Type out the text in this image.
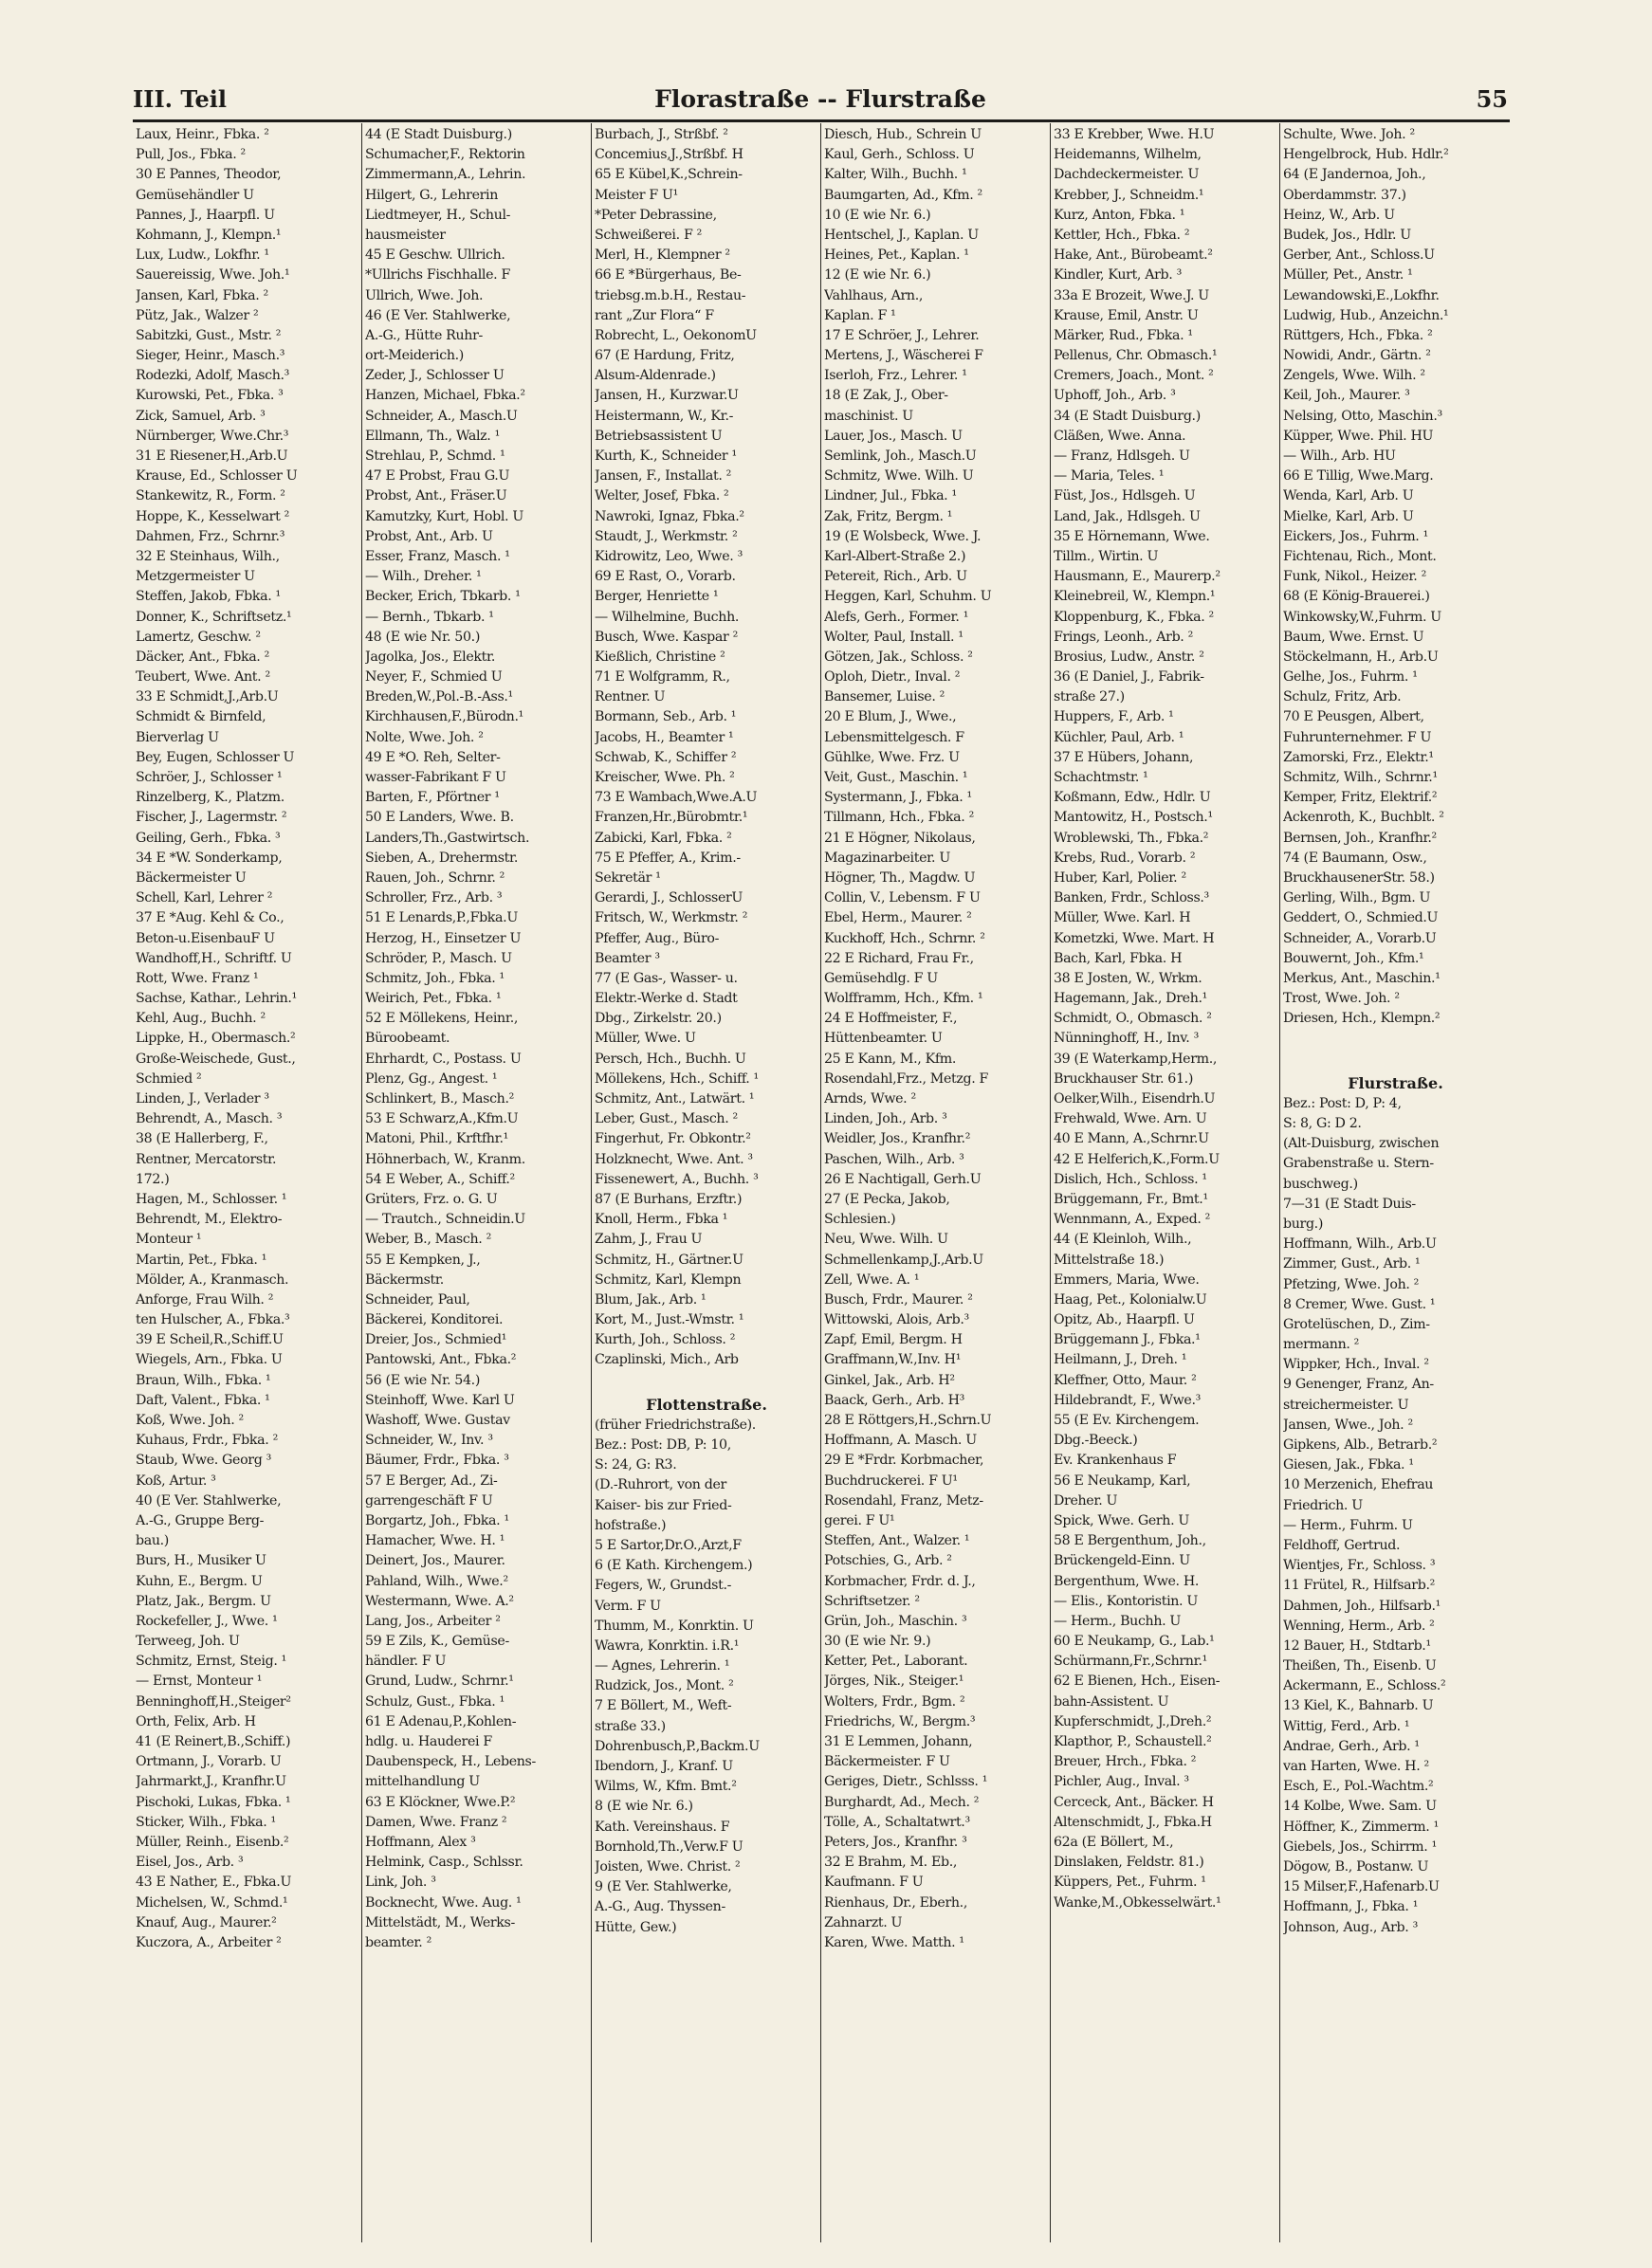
III. Teil	Florastraße -- Flurstraße	55
Laux, Heinr., Fbka. ²
Pull, Jos., Fbka. ²
30 E Pannes, Theodor,
Gemüsehändler U
Pannes, J., Haarpfl. U
Kohmann, J., Klempn.¹
Lux, Ludw., Lokfhr. ¹
Sauereissig, Wwe. Joh.¹
Jansen, Karl, Fbka. ²
Pütz, Jak., Walzer ²
Sabitzki, Gust., Mstr. ²
Sieger, Heinr., Masch.³
Rodezki, Adolf, Masch.³
Kurowski, Pet., Fbka. ³
Zick, Samuel, Arb. ³
Nürnberger, Wwe.Chr.³
31 E Riesener,H.,Arb.U
Krause, Ed., Schlosser U
Stankewitz, R., Form. ²
Hoppe, K., Kesselwart ²
Dahmen, Frz., Schrnr.³
32 E Steinhaus, Wilh.,
Metzgermeister U
Steffen, Jakob, Fbka. ¹
Donner, K., Schriftsetz.¹
Lamertz, Geschw. ²
Däcker, Ant., Fbka. ²
Teubert, Wwe. Ant. ²
33 E Schmidt,J.,Arb.U
Schmidt & Birnfeld,
Bierverlag U
Bey, Eugen, Schlosser U
Schröer, J., Schlosser ¹
Rinzelberg, K., Platzm.
Fischer, J., Lagermstr. ²
Geiling, Gerh., Fbka. ³
34 E *W. Sonderkamp,
Bäckermeister U
Schell, Karl, Lehrer ²
37 E *Aug. Kehl & Co.,
Beton-u.EisenbauF U
Wandhoff,H., Schriftf. U
Rott, Wwe. Franz ¹
Sachse, Kathar., Lehrin.¹
Kehl, Aug., Buchh. ²
Lippke, H., Obermasch.²
Große-Weischede, Gust.,
Schmied ²
Linden, J., Verlader ³
Behrendt, A., Masch. ³
38 (E Hallerberg, F.,
Rentner, Mercatorstr.
172.)
Hagen, M., Schlosser. ¹
Behrendt, M., Elektro-
Monteur ¹
Martin, Pet., Fbka. ¹
Mölder, A., Kranmasch.
Anforge, Frau Wilh. ²
ten Hulscher, A., Fbka.³
39 E Scheil,R.,Schiff.U
Wiegels, Arn., Fbka. U
Braun, Wilh., Fbka. ¹
Daft, Valent., Fbka. ¹
Koß, Wwe. Joh. ²
Kuhaus, Frdr., Fbka. ²
Staub, Wwe. Georg ³
Koß, Artur. ³
40 (E Ver. Stahlwerke,
A.-G., Gruppe Berg-
bau.)
Burs, H., Musiker U
Kuhn, E., Bergm. U
Platz, Jak., Bergm. U
Rockefeller, J., Wwe. ¹
Terweeg, Joh. U
Schmitz, Ernst, Steig. ¹
— Ernst, Monteur ¹
Benninghoff,H.,Steiger²
Orth, Felix, Arb. H
41 (E Reinert,B.,Schiff.)
Ortmann, J., Vorarb. U
Jahrmarkt,J., Kranfhr.U
Pischoki, Lukas, Fbka. ¹
Sticker, Wilh., Fbka. ¹
Müller, Reinh., Eisenb.²
Eisel, Jos., Arb. ³
43 E Nather, E., Fbka.U
Michelsen, W., Schmd.¹
Knauf, Aug., Maurer.²
Kuczora, A., Arbeiter ²
44 (E Stadt Duisburg.)
Schumacher,F., Rektorin
Zimmermann,A., Lehrin.
Hilgert, G., Lehrerin
Liedtmeyer, H., Schul-
hausmeister
45 E Geschw. Ullrich.
*Ullrichs Fischhalle. F
Ullrich, Wwe. Joh.
46 (E Ver. Stahlwerke,
A.-G., Hütte Ruhr-
ort-Meiderich.)
Zeder, J., Schlosser U
Hanzen, Michael, Fbka.²
Schneider, A., Masch.U
Ellmann, Th., Walz. ¹
Strehlau, P., Schmd. ¹
47 E Probst, Frau G.U
Probst, Ant., Fräser.U
Kamutzky, Kurt, Hobl. U
Probst, Ant., Arb. U
Esser, Franz, Masch. ¹
— Wilh., Dreher. ¹
Becker, Erich, Tbkarb. ¹
— Bernh., Tbkarb. ¹
48 (E wie Nr. 50.)
Jagolka, Jos., Elektr.
Neyer, F., Schmied U
Breden,W.,Pol.-B.-Ass.¹
Kirchhausen,F.,Bürodn.¹
Nolte, Wwe. Joh. ²
49 E *O. Reh, Selter-
wasser-Fabrikant F U
Barten, F., Pförtner ¹
50 E Landers, Wwe. B.
Landers,Th.,Gastwirtsch.
Sieben, A., Drehermstr.
Rauen, Joh., Schrnr. ²
Schroller, Frz., Arb. ³
51 E Lenards,P.,Fbka.U
Herzog, H., Einsetzer U
Schröder, P., Masch. U
Schmitz, Joh., Fbka. ¹
Weirich, Pet., Fbka. ¹
52 E Möllekens, Heinr.,
Büroobeamt.
Ehrhardt, C., Postass. U
Plenz, Gg., Angest. ¹
Schlinkert, B., Masch.²
53 E Schwarz,A.,Kfm.U
Matoni, Phil., Krftfhr.¹
Höhnerbach, W., Kranm.
54 E Weber, A., Schiff.²
Grüters, Frz. o. G. U
— Trautch., Schneidin.U
Weber, B., Masch. ²
55 E Kempken, J.,
Bäckermstr.
Schneider, Paul,
Bäckerei, Konditorei.
Dreier, Jos., Schmied¹
Pantowski, Ant., Fbka.²
56 (E wie Nr. 54.)
Steinhoff, Wwe. Karl U
Washoff, Wwe. Gustav
Schneider, W., Inv. ³
Bäumer, Frdr., Fbka. ³
57 E Berger, Ad., Zi-
garrengeschäft F U
Borgartz, Joh., Fbka. ¹
Hamacher, Wwe. H. ¹
Deinert, Jos., Maurer.
Pahland, Wilh., Wwe.²
Westermann, Wwe. A.²
Lang, Jos., Arbeiter ²
59 E Zils, K., Gemüse-
händler. F U
Grund, Ludw., Schrnr.¹
Schulz, Gust., Fbka. ¹
61 E Adenau,P.,Kohlen-
hdlg. u. Hauderei F
Daubenspeck, H., Lebens-
mittelhandlung U
63 E Klöckner, Wwe.P.²
Damen, Wwe. Franz ²
Hoffmann, Alex ³
Helmink, Casp., Schlssr.
Link, Joh. ³
Bocknecht, Wwe. Aug. ¹
Mittelstädt, M., Werks-
beamter. ²
Burbach, J., Strßbf. ²
Concemius,J.,Strßbf. H
65 E Kübel,K.,Schrein-
Meister F U¹
*Peter Debrassine,
Schweißerei. F ²
Merl, H., Klempner ²
66 E *Bürgerhaus, Be-
triebsg.m.b.H., Restau-
rant „Zur Flora“ F
Robrecht, L., OekonomU
67 (E Hardung, Fritz,
Alsum-Aldenrade.)
Jansen, H., Kurzwar.U
Heistermann, W., Kr.-
Betriebsassistent U
Kurth, K., Schneider ¹
Jansen, F., Installat. ²
Welter, Josef, Fbka. ²
Nawroki, Ignaz, Fbka.²
Staudt, J., Werkmstr. ²
Kidrowitz, Leo, Wwe. ³
69 E Rast, O., Vorarb.
Berger, Henriette ¹
— Wilhelmine, Buchh.
Busch, Wwe. Kaspar ²
Kießlich, Christine ²
71 E Wolfgramm, R.,
Rentner. U
Bormann, Seb., Arb. ¹
Jacobs, H., Beamter ¹
Schwab, K., Schiffer ²
Kreischer, Wwe. Ph. ²
73 E Wambach,Wwe.A.U
Franzen,Hr.,Bürobmtr.¹
Zabicki, Karl, Fbka. ²
75 E Pfeffer, A., Krim.-
Sekretär ¹
Gerardi, J., SchlosserU
Fritsch, W., Werkmstr. ²
Pfeffer, Aug., Büro-
Beamter ³
77 (E Gas-, Wasser- u.
Elektr.-Werke d. Stadt
Dbg., Zirkelstr. 20.)
Müller, Wwe. U
Persch, Hch., Buchh. U
Möllekens, Hch., Schiff. ¹
Schmitz, Ant., Latwärt. ¹
Leber, Gust., Masch. ²
Fingerhut, Fr. Obkontr.²
Holzknecht, Wwe. Ant. ³
Fissenewert, A., Buchh. ³
87 (E Burhans, Erzftr.)
Knoll, Herm., Fbka ¹
Zahm, J., Frau U
Schmitz, H., Gärtner.U
Schmitz, Karl, Klempn
Blum, Jak., Arb. ¹
Kort, M., Just.-Wmstr. ¹
Kurth, Joh., Schloss. ²
Czaplinski, Mich., Arb
Flottenstraße.
(früher Friedrichstraße).
Bez.: Post: DB, P: 10,
S: 24, G: R3.
(D.-Ruhrort, von der
Kaiser- bis zur Fried-
hofstraße.)
5 E Sartor,Dr.O.,Arzt,F
6 (E Kath. Kirchengem.)
Fegers, W., Grundst.-
Verm. F U
Thumm, M., Konrktin. U
Wawra, Konrktin. i.R.¹
— Agnes, Lehrerin. ¹
Rudzick, Jos., Mont. ²
7 E Böllert, M., Weft-
straße 33.)
Dohrenbusch,P.,Backm.U
Ibendorn, J., Kranf. U
Wilms, W., Kfm. Bmt.²
8 (E wie Nr. 6.)
Kath. Vereinshaus. F
Bornhold,Th.,Verw.F U
Joisten, Wwe. Christ. ²
9 (E Ver. Stahlwerke,
A.-G., Aug. Thyssen-
Hütte, Gew.)
Diesch, Hub., Schrein U
Kaul, Gerh., Schloss. U
Kalter, Wilh., Buchh. ¹
Baumgarten, Ad., Kfm. ²
10 (E wie Nr. 6.)
Hentschel, J., Kaplan. U
Heines, Pet., Kaplan. ¹
12 (E wie Nr. 6.)
Vahlhaus, Arn.,
Kaplan. F ¹
17 E Schröer, J., Lehrer.
Mertens, J., Wäscherei F
Iserloh, Frz., Lehrer. ¹
18 (E Zak, J., Ober-
maschinist. U
Lauer, Jos., Masch. U
Semlink, Joh., Masch.U
Schmitz, Wwe. Wilh. U
Lindner, Jul., Fbka. ¹
Zak, Fritz, Bergm. ¹
19 (E Wolsbeck, Wwe. J.
Karl-Albert-Straße 2.)
Petereit, Rich., Arb. U
Heggen, Karl, Schuhm. U
Alefs, Gerh., Former. ¹
Wolter, Paul, Install. ¹
Götzen, Jak., Schloss. ²
Oploh, Dietr., Inval. ²
Bansemer, Luise. ²
20 E Blum, J., Wwe.,
Lebensmittelgesch. F
Gühlke, Wwe. Frz. U
Veit, Gust., Maschin. ¹
Systermann, J., Fbka. ¹
Tillmann, Hch., Fbka. ²
21 E Högner, Nikolaus,
Magazinarbeiter. U
Högner, Th., Magdw. U
Collin, V., Lebensm. F U
Ebel, Herm., Maurer. ²
Kuckhoff, Hch., Schrnr. ²
22 E Richard, Frau Fr.,
Gemüsehdlg. F U
Wolfframm, Hch., Kfm. ¹
24 E Hoffmeister, F.,
Hüttenbeamter. U
25 E Kann, M., Kfm.
Rosendahl,Frz., Metzg. F
Arnds, Wwe. ²
Linden, Joh., Arb. ³
Weidler, Jos., Kranfhr.²
Paschen, Wilh., Arb. ³
26 E Nachtigall, Gerh.U
27 (E Pecka, Jakob,
Schlesien.)
Neu, Wwe. Wilh. U
Schmellenkamp,J.,Arb.U
Zell, Wwe. A. ¹
Busch, Frdr., Maurer. ²
Wittowski, Alois, Arb.³
Zapf, Emil, Bergm. H
Graffmann,W.,Inv. H¹
Ginkel, Jak., Arb. H²
Baack, Gerh., Arb. H³
28 E Röttgers,H.,Schrn.U
Hoffmann, A. Masch. U
29 E *Frdr. Korbmacher,
Buchdruckerei. F U¹
Rosendahl, Franz, Metz-
gerei. F U¹
Steffen, Ant., Walzer. ¹
Potschies, G., Arb. ²
Korbmacher, Frdr. d. J.,
Schriftsetzer. ²
Grün, Joh., Maschin. ³
30 (E wie Nr. 9.)
Ketter, Pet., Laborant.
Jörges, Nik., Steiger.¹
Wolters, Frdr., Bgm. ²
Friedrichs, W., Bergm.³
31 E Lemmen, Johann,
Bäckermeister. F U
Geriges, Dietr., Schlsss. ¹
Burghardt, Ad., Mech. ²
Tölle, A., Schaltatwrt.³
Peters, Jos., Kranfhr. ³
32 E Brahm, M. Eb.,
Kaufmann. F U
Rienhaus, Dr., Eberh.,
Zahnarzt. U
Karen, Wwe. Matth. ¹
33 E Krebber, Wwe. H.U
Heidemanns, Wilhelm,
Dachdeckermeister. U
Krebber, J., Schneidm.¹
Kurz, Anton, Fbka. ¹
Kettler, Hch., Fbka. ²
Hake, Ant., Bürobeamt.²
Kindler, Kurt, Arb. ³
33a E Brozeit, Wwe.J. U
Krause, Emil, Anstr. U
Märker, Rud., Fbka. ¹
Pellenus, Chr. Obmasch.¹
Cremers, Joach., Mont. ²
Uphoff, Joh., Arb. ³
34 (E Stadt Duisburg.)
Cläßen, Wwe. Anna.
— Franz, Hdlsgeh. U
— Maria, Teles. ¹
Füst, Jos., Hdlsgeh. U
Land, Jak., Hdlsgeh. U
35 E Hörnemann, Wwe.
Tillm., Wirtin. U
Hausmann, E., Maurerp.²
Kleinebreil, W., Klempn.¹
Kloppenburg, K., Fbka. ²
Frings, Leonh., Arb. ²
Brosius, Ludw., Anstr. ²
36 (E Daniel, J., Fabrik-
straße 27.)
Huppers, F., Arb. ¹
Küchler, Paul, Arb. ¹
37 E Hübers, Johann,
Schachtmstr. ¹
Koßmann, Edw., Hdlr. U
Mantowitz, H., Postsch.¹
Wroblewski, Th., Fbka.²
Krebs, Rud., Vorarb. ²
Huber, Karl, Polier. ²
Banken, Frdr., Schloss.³
Müller, Wwe. Karl. H
Kometzki, Wwe. Mart. H
Bach, Karl, Fbka. H
38 E Josten, W., Wrkm.
Hagemann, Jak., Dreh.¹
Schmidt, O., Obmasch. ²
Nünninghoff, H., Inv. ³
39 (E Waterkamp,Herm.,
Bruckhauser Str. 61.)
Oelker,Wilh., Eisendrh.U
Frehwald, Wwe. Arn. U
40 E Mann, A.,Schrnr.U
42 E Helferich,K.,Form.U
Dislich, Hch., Schloss. ¹
Brüggemann, Fr., Bmt.¹
Wennmann, A., Exped. ²
44 (E Kleinloh, Wilh.,
Mittelstraße 18.)
Emmers, Maria, Wwe.
Haag, Pet., Kolonialw.U
Opitz, Ab., Haarpfl. U
Brüggemann J., Fbka.¹
Heilmann, J., Dreh. ¹
Kleffner, Otto, Maur. ²
Hildebrandt, F., Wwe.³
55 (E Ev. Kirchengem.
Dbg.-Beeck.)
Ev. Krankenhaus F
56 E Neukamp, Karl,
Dreher. U
Spick, Wwe. Gerh. U
58 E Bergenthum, Joh.,
Brückengeld-Einn. U
Bergenthum, Wwe. H.
— Elis., Kontoristin. U
— Herm., Buchh. U
60 E Neukamp, G., Lab.¹
Schürmann,Fr.,Schrnr.¹
62 E Bienen, Hch., Eisen-
bahn-Assistent. U
Kupferschmidt, J.,Dreh.²
Klapthor, P., Schaustell.²
Breuer, Hrch., Fbka. ²
Pichler, Aug., Inval. ³
Cerceck, Ant., Bäcker. H
Altenschmidt, J., Fbka.H
62a (E Böllert, M.,
Dinslaken, Feldstr. 81.)
Küppers, Pet., Fuhrm. ¹
Wanke,M.,Obkesselwärt.¹
Schulte, Wwe. Joh. ²
Hengelbrock, Hub. Hdlr.²
64 (E Jandernoa, Joh.,
Oberdammstr. 37.)
Heinz, W., Arb. U
Budek, Jos., Hdlr. U
Gerber, Ant., Schloss.U
Müller, Pet., Anstr. ¹
Lewandowski,E.,Lokfhr.
Ludwig, Hub., Anzeichn.¹
Rüttgers, Hch., Fbka. ²
Nowidi, Andr., Gärtn. ²
Zengels, Wwe. Wilh. ²
Keil, Joh., Maurer. ³
Nelsing, Otto, Maschin.³
Küpper, Wwe. Phil. HU
— Wilh., Arb. HU
66 E Tillig, Wwe.Marg.
Wenda, Karl, Arb. U
Mielke, Karl, Arb. U
Eickers, Jos., Fuhrm. ¹
Fichtenau, Rich., Mont.
Funk, Nikol., Heizer. ²
68 (E König-Brauerei.)
Winkowsky,W.,Fuhrm. U
Baum, Wwe. Ernst. U
Stöckelmann, H., Arb.U
Gelhe, Jos., Fuhrm. ¹
Schulz, Fritz, Arb.
70 E Peusgen, Albert,
Fuhrunternehmer. F U
Zamorski, Frz., Elektr.¹
Schmitz, Wilh., Schrnr.¹
Kemper, Fritz, Elektrif.²
Ackenroth, K., Buchblt. ²
Bernsen, Joh., Kranfhr.²
74 (E Baumann, Osw.,
BruckhausenerStr. 58.)
Gerling, Wilh., Bgm. U
Geddert, O., Schmied.U
Schneider, A., Vorarb.U
Bouwernt, Joh., Kfm.¹
Merkus, Ant., Maschin.¹
Trost, Wwe. Joh. ²
Driesen, Hch., Klempn.²
Flurstraße.
Bez.: Post: D, P: 4,
S: 8, G: D 2.
(Alt-Duisburg, zwischen
Grabenstraße u. Stern-
buschweg.)
7—31 (E Stadt Duis-
burg.)
Hoffmann, Wilh., Arb.U
Zimmer, Gust., Arb. ¹
Pfetzing, Wwe. Joh. ²
8 Cremer, Wwe. Gust. ¹
Grotelüschen, D., Zim-
mermann. ²
Wippker, Hch., Inval. ²
9 Genenger, Franz, An-
streichermeister. U
Jansen, Wwe., Joh. ²
Gipkens, Alb., Betrarb.²
Giesen, Jak., Fbka. ¹
10 Merzenich, Ehefrau
Friedrich. U
— Herm., Fuhrm. U
Feldhoff, Gertrud.
Wientjes, Fr., Schloss. ³
11 Frütel, R., Hilfsarb.²
Dahmen, Joh., Hilfsarb.¹
Wenning, Herm., Arb. ²
12 Bauer, H., Stdtarb.¹
Theißen, Th., Eisenb. U
Ackermann, E., Schloss.²
13 Kiel, K., Bahnarb. U
Wittig, Ferd., Arb. ¹
Andrae, Gerh., Arb. ¹
van Harten, Wwe. H. ²
Esch, E., Pol.-Wachtm.²
14 Kolbe, Wwe. Sam. U
Höffner, K., Zimmerm. ¹
Giebels, Jos., Schirrm. ¹
Dögow, B., Postanw. U
15 Milser,F.,Hafenarb.U
Hoffmann, J., Fbka. ¹
Johnson, Aug., Arb. ³
